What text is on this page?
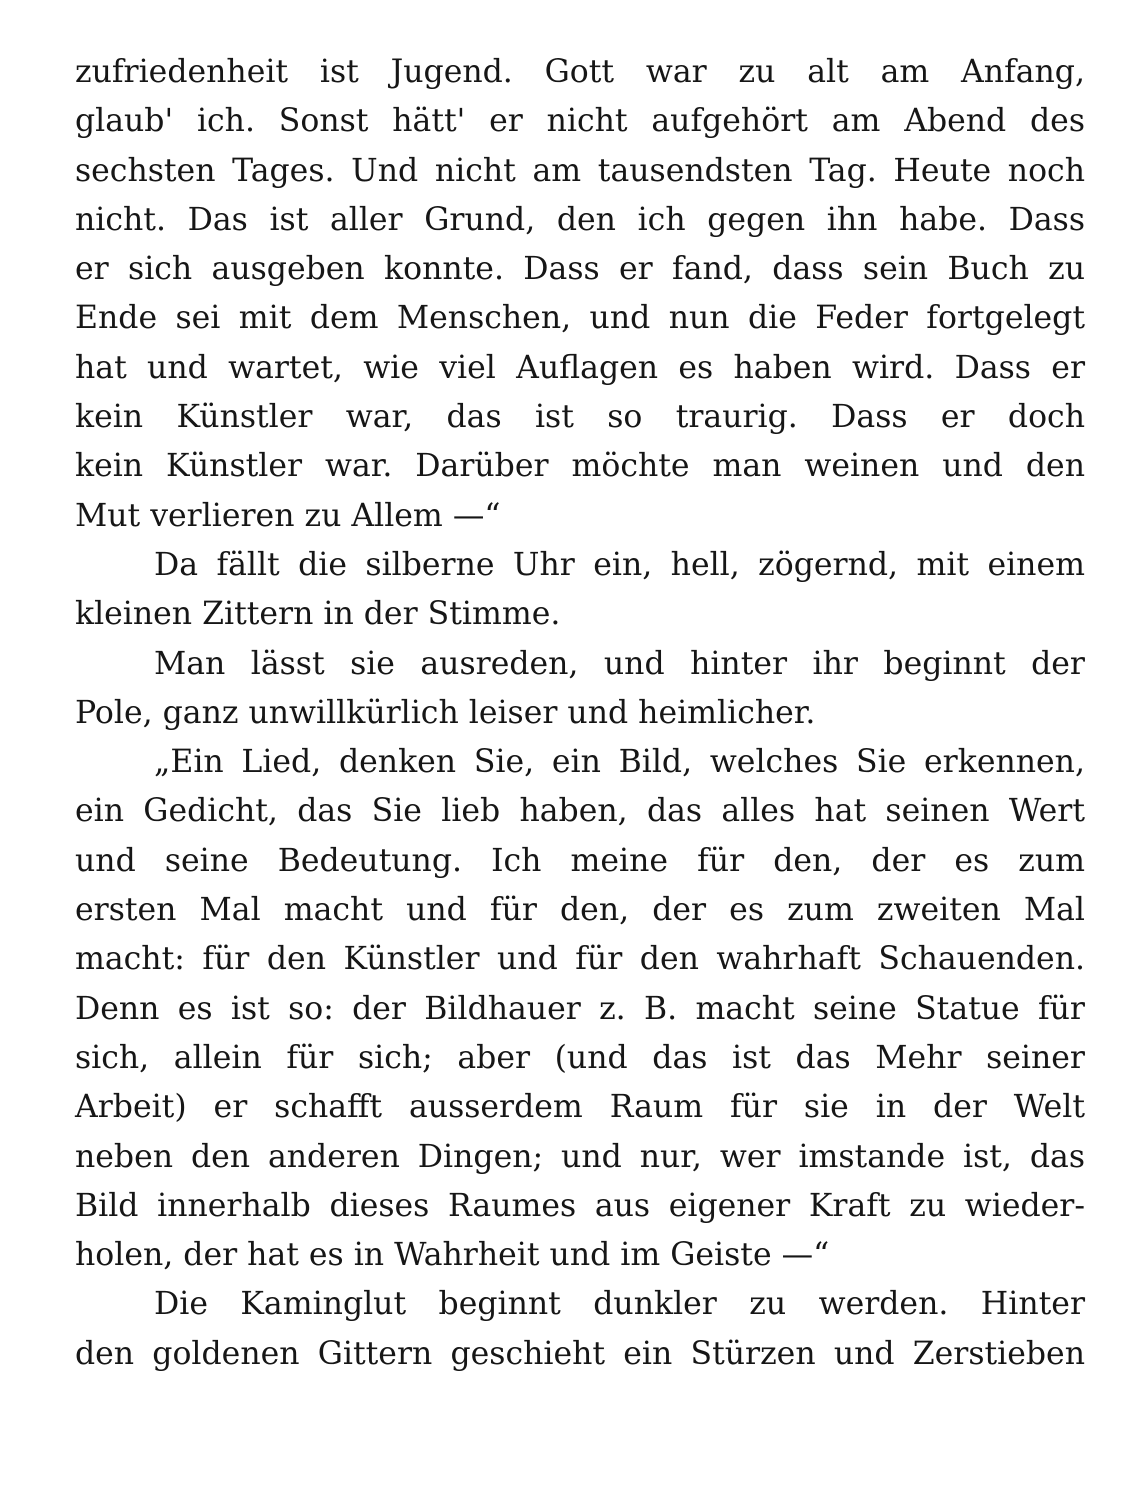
zufriedenheit ist Jugend. Gott war zu alt am Anfang,
glaub' ich. Sonst hätt' er nicht aufgehört am Abend des
sechsten Tages. Und nicht am tausendsten Tag. Heute noch
nicht. Das ist aller Grund, den ich gegen ihn habe. Dass
er sich ausgeben konnte. Dass er fand, dass sein Buch zu
Ende sei mit dem Menschen, und nun die Feder fortgelegt
hat und wartet, wie viel Auflagen es haben wird. Dass er
kein Künstler war, das ist so traurig. Dass er doch
kein Künstler war. Darüber möchte man weinen und den
Mut verlieren zu Allem —“
Da fällt die silberne Uhr ein, hell, zögernd, mit einem
kleinen Zittern in der Stimme.
Man lässt sie ausreden, und hinter ihr beginnt der
Pole, ganz unwillkürlich leiser und heimlicher.
„Ein Lied, denken Sie, ein Bild, welches Sie erkennen,
ein Gedicht, das Sie lieb haben, das alles hat seinen Wert
und seine Bedeutung. Ich meine für den, der es zum
ersten Mal macht und für den, der es zum zweiten Mal
macht: für den Künstler und für den wahrhaft Schauenden.
Denn es ist so: der Bildhauer z. B. macht seine Statue für
sich, allein für sich; aber (und das ist das Mehr seiner
Arbeit) er schafft ausserdem Raum für sie in der Welt
neben den anderen Dingen; und nur, wer imstande ist, das
Bild innerhalb dieses Raumes aus eigener Kraft zu wieder-
holen, der hat es in Wahrheit und im Geiste —“
Die Kaminglut beginnt dunkler zu werden. Hinter
den goldenen Gittern geschieht ein Stürzen und Zerstieben
